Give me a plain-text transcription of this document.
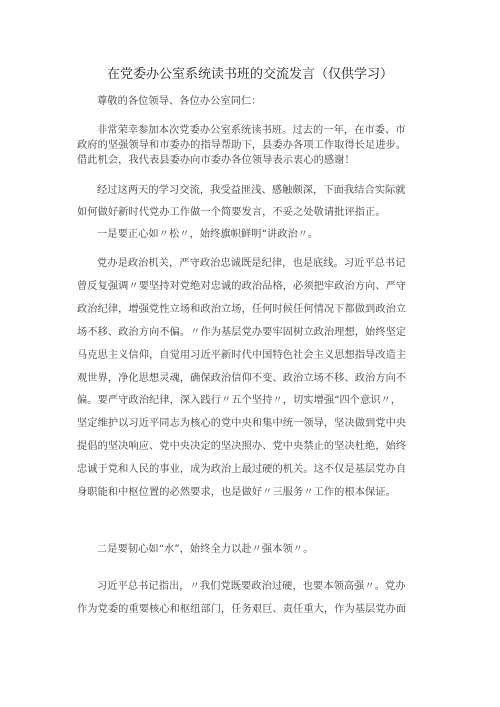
在党委办公室系统读书班的交流发言（仅供学习）
尊敬的各位领导、各位办公室同仁：
非常荣幸参加本次党委办公室系统读书班。过去的一年，在市委、市
政府的坚强领导和市委办的指导帮助下，县委办各项工作取得长足进步。
借此机会，我代表县委办向市委办各位领导表示衷心的感谢！
经过这两天的学习交流，我受益匪浅、感触颇深，下面我结合实际就
如何做好新时代党办工作做一个简要发言，不妥之处敬请批评指正。
一是要正心如〃松〃，始终旗帜鲜明“讲政治〃。
党办是政治机关，严守政治忠诚既是纪律，也是底线。习近平总书记
曾反复强调〃要坚持对党绝对忠诚的政治品格，必须把牢政治方向、严守
政治纪律，增强党性立场和政治立场，任何时候任何情况下都做到政治立
场不移、政治方向不偏。〃作为基层党办要牢固树立政治理想，始终坚定
马克思主义信仰，自觉用习近平新时代中国特色社会主义思想指导改造主
观世界，净化思想灵魂，确保政治信仰不变、政治立场不移、政治方向不
偏。要严守政治纪律，深入践行〃五个坚持〃，切实增强“四个意识〃，
坚定维护以习近平同志为核心的党中央和集中统一领导，坚决做到党中央
提倡的坚决响应、党中央决定的坚决照办、党中央禁止的坚决杜绝，始终
忠诚于党和人民的事业，成为政治上最过硬的机关。这不仅是基层党办自
身职能和中枢位置的必然要求，也是做好〃三服务〃工作的根本保证。
二是要韧心如“水”，始终全力以赴〃强本领〃。
习近平总书记指出，〃我们党既要政治过硬，也要本领高强〃。党办
作为党委的重要核心和枢纽部门，任务艰巨、责任重大，作为基层党办面
